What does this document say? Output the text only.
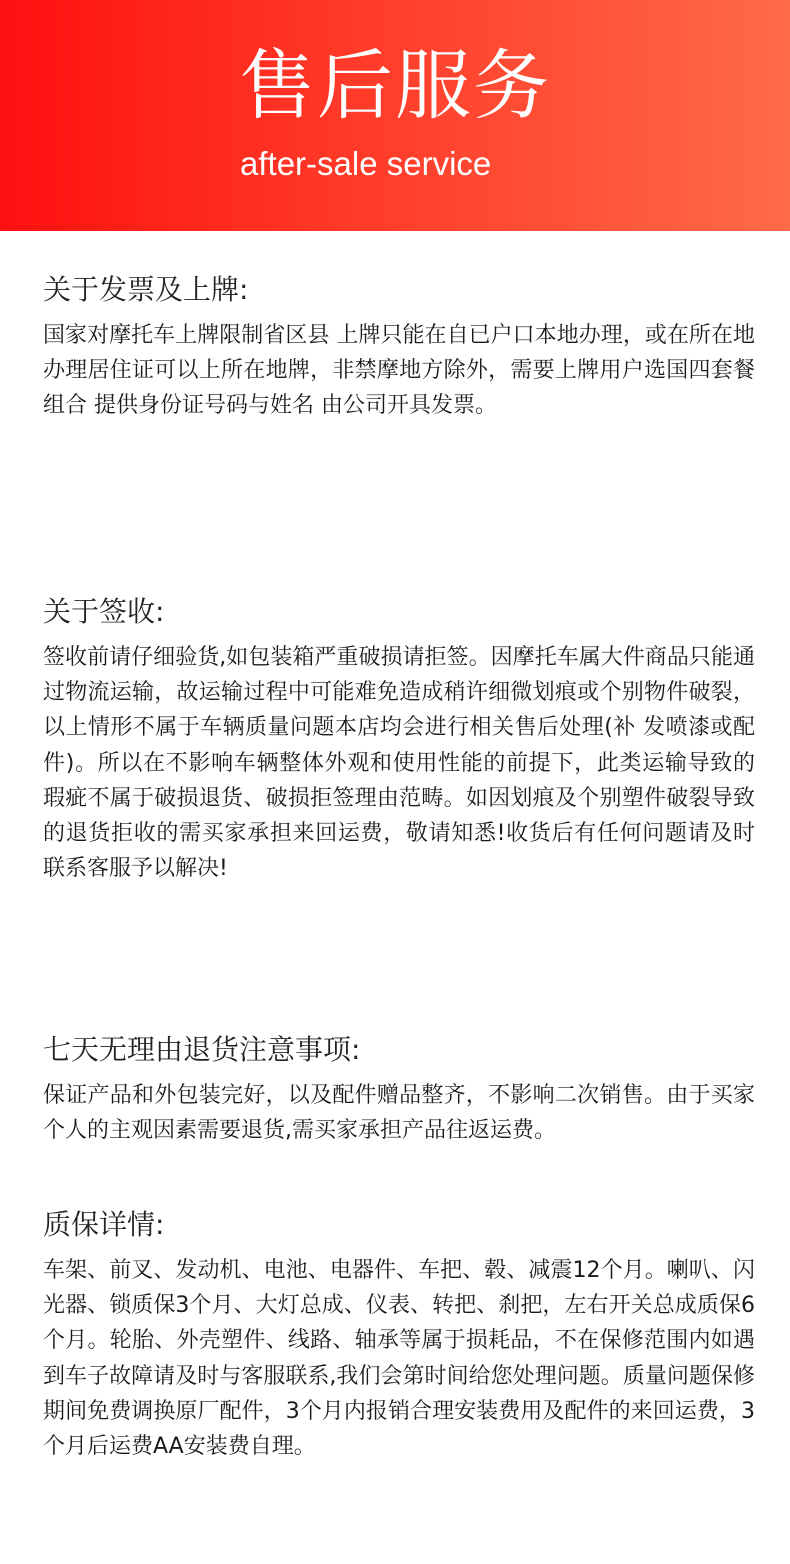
售后服务
after-sale service
关于发票及上牌:

国家对摩托车上牌限制省区县 上牌只能在自已户口本地办理，或在所在地办理居住证可以上所在地牌，非禁摩地方除外，需要上牌用户选国四套餐组合 提供身份证号码与姓名 由公司开具发票。

关于签收:

签收前请仔细验货,如包装箱严重破损请拒签。因摩托车属大件商品只能通过物流运输，故运输过程中可能难免造成稍许细微划痕或个别物件破裂，以上情形不属于车辆质量问题本店均会进行相关售后处理(补 发喷漆或配件)。所以在不影响车辆整体外观和使用性能的前提下，此类运输导致的瑕疵不属于破损退货、破损拒签理由范畴。如因划痕及个别塑件破裂导致的退货拒收的需买家承担来回运费，敬请知悉!收货后有任何问题请及时联系客服予以解决!

七天无理由退货注意事项:

保证产品和外包装完好，以及配件赠品整齐，不影响二次销售。由于买家个人的主观因素需要退货,需买家承担产品往返运费。

质保详情:

车架、前叉、发动机、电池、电器件、车把、毂、减震12个月。喇叭、闪光器、锁质保3个月、大灯总成、仪表、转把、刹把，左右开关总成质保6个月。轮胎、外壳塑件、线路、轴承等属于损耗品，不在保修范围内如遇到车子故障请及时与客服联系,我们会第时间给您处理问题。质量问题保修期间免费调换原厂配件，3个月内报销合理安装费用及配件的来回运费，3个月后运费AA安装费自理。
